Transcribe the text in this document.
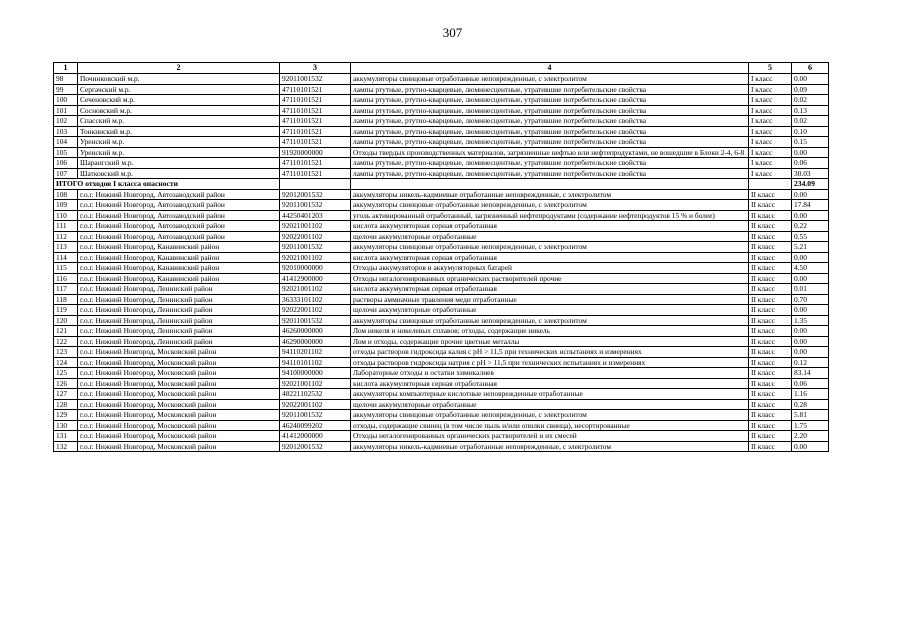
307
1	2	3	4	5	6
98	Починковский м.р.	92011001532	аккумуляторы свинцовые отработанные неповрежденные, с электролитом	I класс	0.00
99	Сергачский м.р.	47110101521	лампы ртутные, ртутно-кварцевые, люминесцентные, утратившие потребительские свойства	I класс	0.09
100	Сеченовский м.р.	47110101521	лампы ртутные, ртутно-кварцевые, люминесцентные, утратившие потребительские свойства	I класс	0.02
101	Сосновский м.р.	47110101521	лампы ртутные, ртутно-кварцевые, люминесцентные, утратившие потребительские свойства	I класс	0.13
102	Спасский м.р.	47110101521	лампы ртутные, ртутно-кварцевые, люминесцентные, утратившие потребительские свойства	I класс	0.02
103	Тонкинский м.р.	47110101521	лампы ртутные, ртутно-кварцевые, люминесцентные, утратившие потребительские свойства	I класс	0.10
104	Уренский м.р.	47110101521	лампы ртутные, ртутно-кварцевые, люминесцентные, утратившие потребительские свойства	I класс	0.15
105	Уренский м.р.	91920000000	Отходы твердых производственных материалов, загрязненные нефтью или нефтепродуктами, не вошедшие в Блоки 2-4, 6-8	I класс	0.00
106	Шарангский м.р.	47110101521	лампы ртутные, ртутно-кварцевые, люминесцентные, утратившие потребительские свойства	I класс	0.06
107	Шатковский м.р.	47110101521	лампы ртутные, ртутно-кварцевые, люминесцентные, утратившие потребительские свойства	I класс	30.03
ИТОГО отходов I класса опасности					234.09
108	г.о.г. Нижний Новгород, Автозаводский район	92012001532	аккумуляторы никель-кадмиевые отработанные неповрежденные, с электролитом	II класс	0.00
109	г.о.г. Нижний Новгород, Автозаводский район	92011001532	аккумуляторы свинцовые отработанные неповрежденные, с электролитом	II класс	17.84
110	г.о.г. Нижний Новгород, Автозаводский район	44250401203	уголь активированный отработанный, загрязненный нефтепродуктами (содержание нефтепродуктов 15 % и более)	II класс	0.00
111	г.о.г. Нижний Новгород, Автозаводский район	92021001102	кислота аккумуляторная серная отработанная	II класс	0.22
112	г.о.г. Нижний Новгород, Автозаводский район	92022001102	щелочи аккумуляторные отработанные	II класс	0.55
113	г.о.г. Нижний Новгород, Канавинский район	92011001532	аккумуляторы свинцовые отработанные неповрежденные, с электролитом	II класс	5.21
114	г.о.г. Нижний Новгород, Канавинский район	92021001102	кислота аккумуляторная серная отработанная	II класс	0.00
115	г.о.г. Нижний Новгород, Канавинский район	92010000000	Отходы аккумуляторов и аккумуляторных батарей	II класс	4.50
116	г.о.г. Нижний Новгород, Канавинский район	41412900000	Отходы негалогенированных органических растворителей прочие	II класс	0.00
117	г.о.г. Нижний Новгород, Ленинский район	92021001102	кислота аккумуляторная серная отработанная	II класс	0.01
118	г.о.г. Нижний Новгород, Ленинский район	36333101102	растворы аммиачные травления меди отработанные	II класс	0.70
119	г.о.г. Нижний Новгород, Ленинский район	92022001102	щелочи аккумуляторные отработанные	II класс	0.00
120	г.о.г. Нижний Новгород, Ленинский район	92011001532	аккумуляторы свинцовые отработанные неповрежденные, с электролитом	II класс	1.35
121	г.о.г. Нижний Новгород, Ленинский район	46260000000	Лом никеля и никелевых сплавов; отходы, содержащие никель	II класс	0.00
122	г.о.г. Нижний Новгород, Ленинский район	46290000000	Лом и отходы, содержащие прочие цветные металлы	II класс	0.00
123	г.о.г. Нижний Новгород, Московский район	94110201102	отходы растворов гидроксида калия с pH > 11,5 при технических испытаниях и измерениях	II класс	0.00
124	г.о.г. Нижний Новгород, Московский район	94110101102	отходы растворов гидроксида натрия с pH > 11,5 при технических испытаниях и измерениях	II класс	0.12
125	г.о.г. Нижний Новгород, Московский район	94100000000	Лабораторные отходы и остатки химикалиев	II класс	83.14
126	г.о.г. Нижний Новгород, Московский район	92021001102	кислота аккумуляторная серная отработанная	II класс	0.06
127	г.о.г. Нижний Новгород, Московский район	48221102532	аккумуляторы компьютерные кислотные неповрежденные отработанные	II класс	1.16
128	г.о.г. Нижний Новгород, Московский район	92022001102	щелочи аккумуляторные отработанные	II класс	0.28
129	г.о.г. Нижний Новгород, Московский район	92011001532	аккумуляторы свинцовые отработанные неповрежденные, с электролитом	II класс	5.81
130	г.о.г. Нижний Новгород, Московский район	46240099202	отходы, содержащие свинец (в том числе пыль и/или опилки свинца), несортированные	II класс	1.75
131	г.о.г. Нижний Новгород, Московский район	41412000000	Отходы негалогенированных органических растворителей и их смесей	II класс	2.20
132	г.о.г. Нижний Новгород, Московский район	92012001532	аккумуляторы никель-кадмиевые отработанные неповрежденные, с электролитом	II класс	0.00
